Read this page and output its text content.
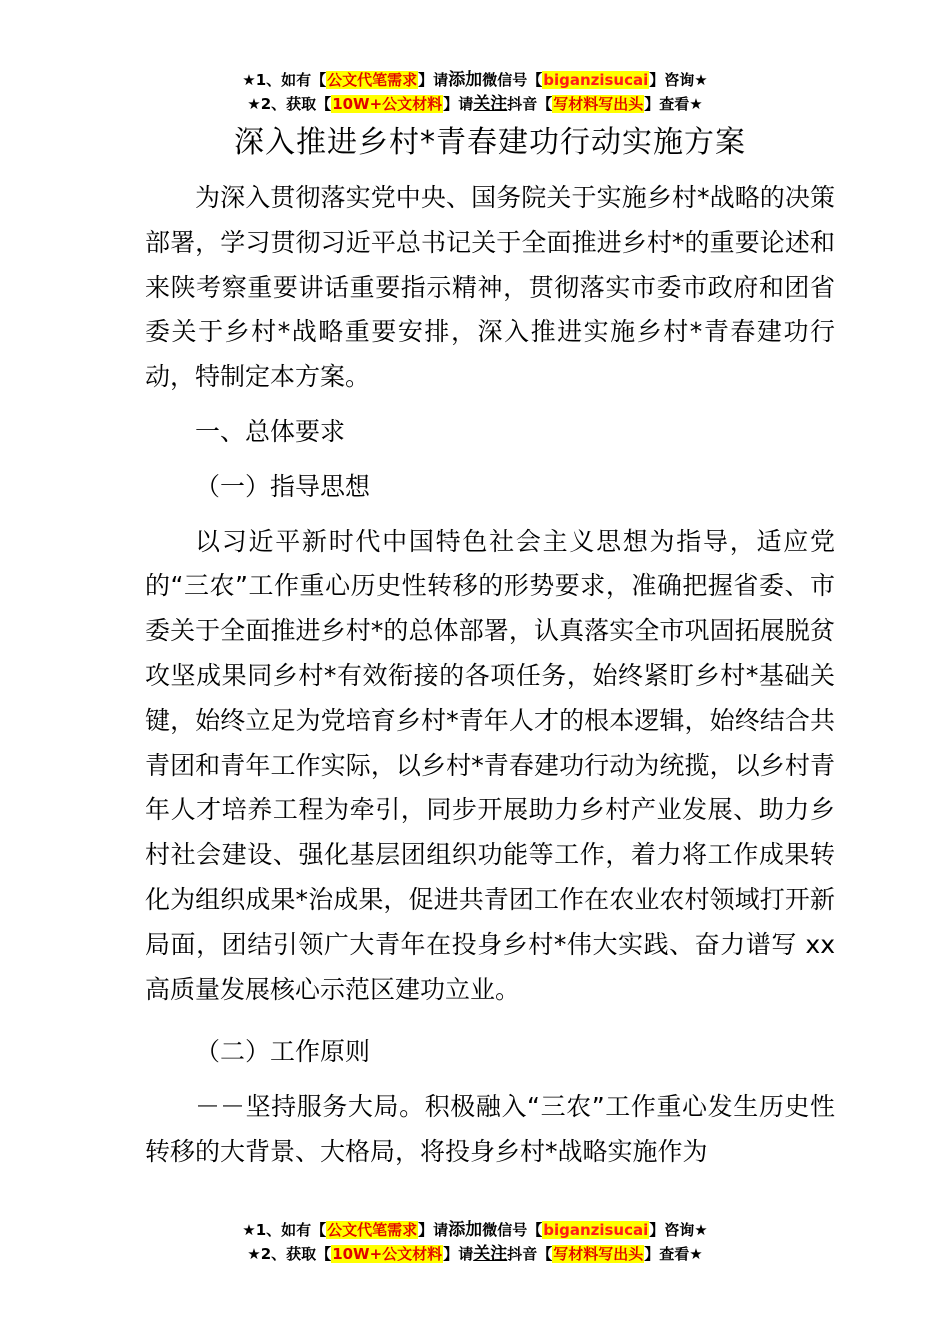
★1、如有【公文代笔需求】请添加微信号【biganzisucai】咨询★
★2、获取【10W+公文材料】请关注抖音【写材料写出头】查看★
深入推进乡村*青春建功行动实施方案

为深入贯彻落实党中央、国务院关于实施乡村*战略的决策部署，学习贯彻习近平总书记关于全面推进乡村*的重要论述和来陕考察重要讲话重要指示精神，贯彻落实市委市政府和团省委关于乡村*战略重要安排，深入推进实施乡村*青春建功行动，特制定本方案。

一、总体要求
（一）指导思想

以习近平新时代中国特色社会主义思想为指导，适应党的“三农”工作重心历史性转移的形势要求，准确把握省委、市委关于全面推进乡村*的总体部署，认真落实全市巩固拓展脱贫攻坚成果同乡村*有效衔接的各项任务，始终紧盯乡村*基础关键，始终立足为党培育乡村*青年人才的根本逻辑，始终结合共青团和青年工作实际，以乡村*青春建功行动为统揽，以乡村青年人才培养工程为牵引，同步开展助力乡村产业发展、助力乡村社会建设、强化基层团组织功能等工作，着力将工作成果转化为组织成果*治成果，促进共青团工作在农业农村领域打开新局面，团结引领广大青年在投身乡村*伟大实践、奋力谱写 xx 高质量发展核心示范区建功立业。

（二）工作原则

－－坚持服务大局。积极融入“三农”工作重心发生历史性转移的大背景、大格局，将投身乡村*战略实施作为

★1、如有【公文代笔需求】请添加微信号【biganzisucai】咨询★
★2、获取【10W+公文材料】请关注抖音【写材料写出头】查看★
